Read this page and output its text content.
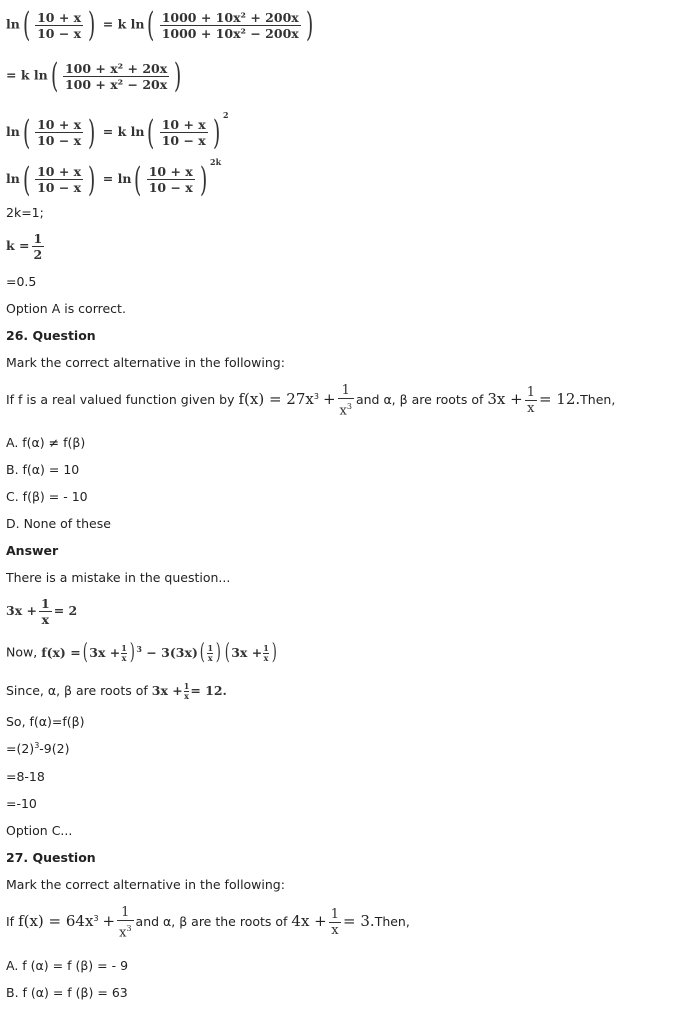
$\ln( \frac{10 + x}{10 - x}$ ) = k $\ln( \frac{\text{1000 + 10x² + 200x}}{\text{1000 + 10x² − 200x}}$ )
= k $\ln( \frac{\text{100 + x² + 20x}}{\text{100 + x² − 20x}}$ )
$\ln( \frac{10 + x}{10 - x}$ ) = k $\ln( \frac{10 + x}{10 - x}$ ) $^2$
$\ln( \frac{10 + x}{10 - x}$ ) = $\ln( \frac{10 + x}{10 - x}$ ) $^{2k}$
2k=1;
$k = \frac{1}{2}$
=0.5
Option A is correct.
26. Question
Mark the correct alternative in the following:
If f is a real valued function given by $f(x) = 27x^3 + \frac{1}{x^3}$ and α, β are roots of $3x + \frac{1}{x}$ = 12.Then,
A. f(α) ≠ f(β)
B. f(α) = 10
C. f(β) = - 10
D. None of these
Answer
There is a mistake in the question...
$3x + \frac{1}{x} = 2$
Now, f(x) =( $3x + \frac{1}{x}$ ) $^3 - 3(3x)( \frac{1}{x}$ ) ( $3x + \frac{1}{x}$ )
Since, α, β are roots of $3x + \frac{1}{x} = 12$.
So, f(α)=f(β)
$=(2)^3-9(2)$
=8-18
=-10
Option C...
27. Question
Mark the correct alternative in the following:
If $f(x) = 64x^3 + \frac{1}{x^3}$ and α, β are the roots of $4x + \frac{1}{x}$ = 3.Then,
A. f (α) = f (β) = - 9
B. f (α) = f (β) = 63
